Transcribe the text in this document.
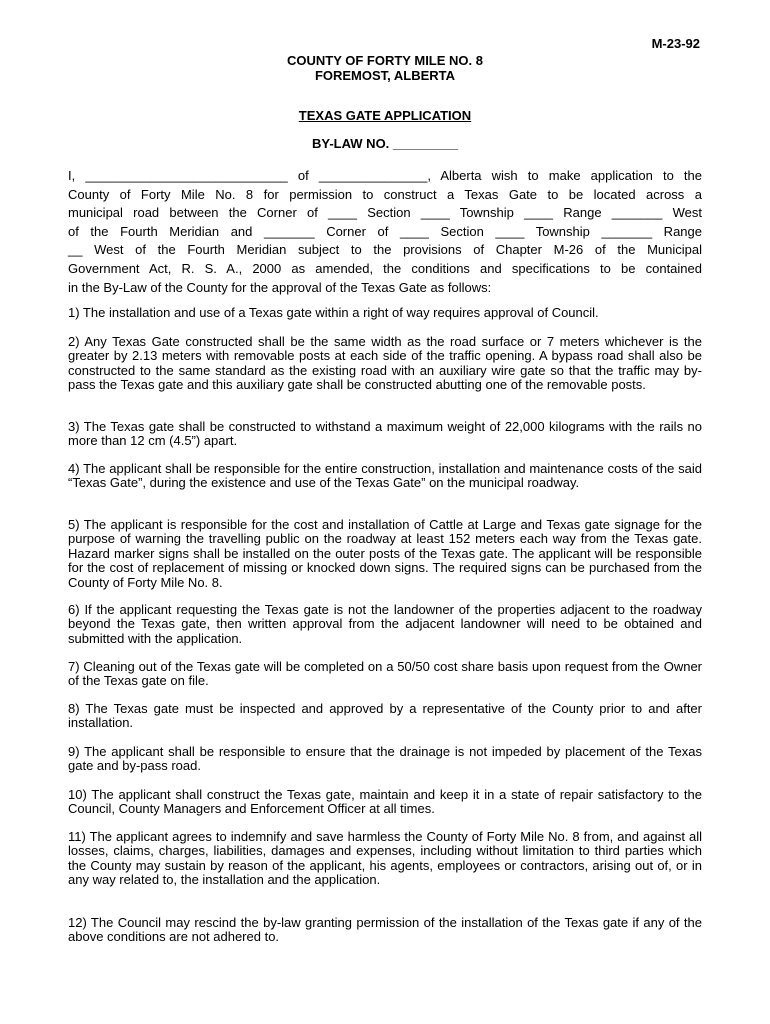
M-23-92
COUNTY OF FORTY MILE NO. 8
FOREMOST, ALBERTA
TEXAS GATE APPLICATION
BY-LAW NO. _________
I, ____________________________ of _______________, Alberta wish to make application to the
County of Forty Mile No. 8 for permission to construct a Texas Gate to be located across a
municipal road between the Corner of ____ Section ____ Township ____ Range _______ West
of the Fourth Meridian and _______ Corner of ____ Section ____ Township _______ Range
__ West of the Fourth Meridian subject to the provisions of Chapter M-26 of the Municipal
Government Act, R. S. A., 2000 as amended, the conditions and specifications to be contained
in the By-Law of the County for the approval of the Texas Gate as follows:
1) The installation and use of a Texas gate within a right of way requires approval of Council.
2) Any Texas Gate constructed shall be the same width as the road surface or 7 meters whichever is the greater by 2.13 meters with removable posts at each side of the traffic opening. A bypass road shall also be constructed to the same standard as the existing road with an auxiliary wire gate so that the traffic may by-pass the Texas gate and this auxiliary gate shall be constructed abutting one of the removable posts.
3) The Texas gate shall be constructed to withstand a maximum weight of 22,000 kilograms with the rails no more than 12 cm (4.5”) apart.
4) The applicant shall be responsible for the entire construction, installation and maintenance costs of the said “Texas Gate”, during the existence and use of the Texas Gate” on the municipal roadway.
5) The applicant is responsible for the cost and installation of Cattle at Large and Texas gate signage for the purpose of warning the travelling public on the roadway at least 152 meters each way from the Texas gate. Hazard marker signs shall be installed on the outer posts of the Texas gate. The applicant will be responsible for the cost of replacement of missing or knocked down signs. The required signs can be purchased from the County of Forty Mile No. 8.
6) If the applicant requesting the Texas gate is not the landowner of the properties adjacent to the roadway beyond the Texas gate, then written approval from the adjacent landowner will need to be obtained and submitted with the application.
7) Cleaning out of the Texas gate will be completed on a 50/50 cost share basis upon request from the Owner of the Texas gate on file.
8) The Texas gate must be inspected and approved by a representative of the County prior to and after installation.
9) The applicant shall be responsible to ensure that the drainage is not impeded by placement of the Texas gate and by-pass road.
10) The applicant shall construct the Texas gate, maintain and keep it in a state of repair satisfactory to the Council, County Managers and Enforcement Officer at all times.
11) The applicant agrees to indemnify and save harmless the County of Forty Mile No. 8 from, and against all losses, claims, charges, liabilities, damages and expenses, including without limitation to third parties which the County may sustain by reason of the applicant, his agents, employees or contractors, arising out of, or in any way related to, the installation and the application.
12) The Council may rescind the by-law granting permission of the installation of the Texas gate if any of the above conditions are not adhered to.
